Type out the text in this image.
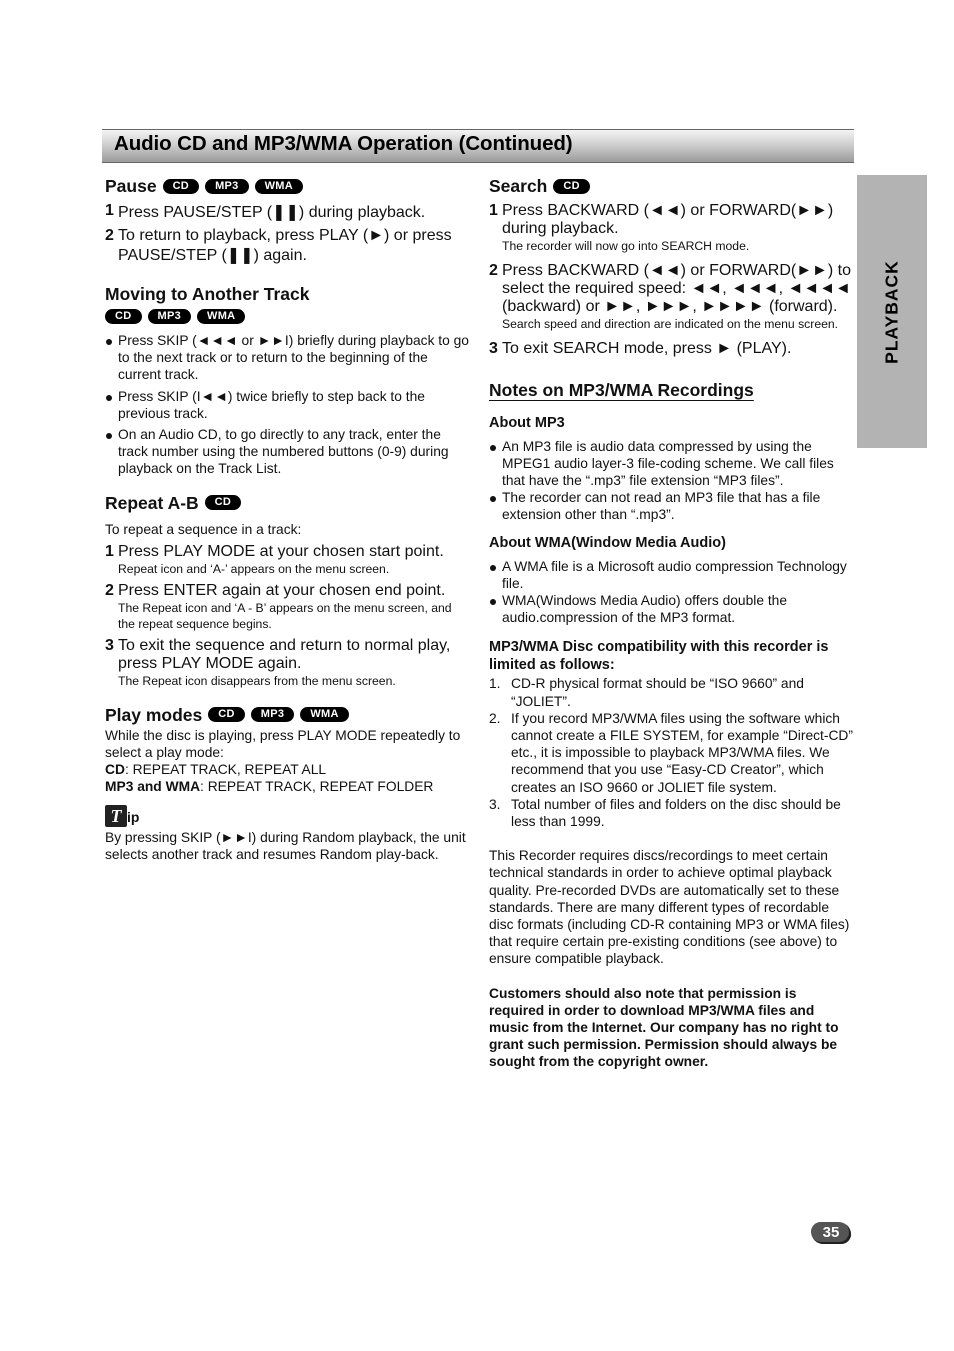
Audio CD and MP3/WMA Operation (Continued)
PLAYBACK
Pause	CD	MP3	WMA
1 Press PAUSE/STEP (❚❚) during playback.
2 To return to playback, press PLAY (►) or press PAUSE/STEP (❚❚) again.
Moving to Another Track
CD	MP3	WMA
Press SKIP (◄◄◄ or ►►I) briefly during playback to go to the next track or to return to the beginning of the current track.
Press SKIP (I◄◄) twice briefly to step back to the previous track.
On an Audio CD, to go directly to any track, enter the track number using the numbered buttons (0-9) during playback on the Track List.
Repeat A-B	CD

To repeat a sequence in a track:

1 Press PLAY MODE at your chosen start point.
Repeat icon and ‘A-’ appears on the menu screen.
2 Press ENTER again at your chosen end point.
The Repeat icon and ‘A - B’ appears on the menu screen, and the repeat sequence begins.
3 To exit the sequence and return to normal play, press PLAY MODE again.
The Repeat icon disappears from the menu screen.
Play modes	CD	MP3	WMA

While the disc is playing, press PLAY MODE repeatedly to select a play mode:

CD: REPEAT TRACK, REPEAT ALL

MP3 and WMA: REPEAT TRACK, REPEAT FOLDER

T ip

By pressing SKIP (►►I) during Random playback, the unit selects another track and resumes Random play-back.

Search	CD
1 Press BACKWARD (◄◄) or FORWARD(►►) during playback.
The recorder will now go into SEARCH mode.
2 Press BACKWARD (◄◄) or FORWARD(►►) to select the required speed: ◄◄, ◄◄◄, ◄◄◄◄ (backward) or ►►, ►►►, ►►►► (forward).
Search speed and direction are indicated on the menu screen.
3 To exit SEARCH mode, press ► (PLAY).
Notes on MP3/WMA Recordings
About MP3
An MP3 file is audio data compressed by using the MPEG1 audio layer-3 file-coding scheme. We call files that have the “.mp3” file extension “MP3 files”.
The recorder can not read an MP3 file that has a file extension other than “.mp3”.
About WMA(Window Media Audio)
A WMA file is a Microsoft audio compression Technology file.
WMA(Windows Media Audio) offers double the audio.compression of the MP3 format.
MP3/WMA Disc compatibility with this recorder is limited as follows:
1. CD-R physical format should be “ISO 9660” and “JOLIET”.
2. If you record MP3/WMA files using the software which cannot create a FILE SYSTEM, for example “Direct-CD” etc., it is impossible to playback MP3/WMA files. We recommend that you use “Easy-CD Creator”, which creates an ISO 9660 or JOLIET file system.
3. Total number of files and folders on the disc should be less than 1999.

This Recorder requires discs/recordings to meet certain technical standards in order to achieve optimal playback quality. Pre-recorded DVDs are automatically set to these standards. There are many different types of recordable disc formats (including CD-R containing MP3 or WMA files) that require certain pre-existing conditions (see above) to ensure compatible playback.

Customers should also note that permission is required in order to download MP3/WMA files and music from the Internet. Our company has no right to grant such permission. Permission should always be sought from the copyright owner.

35
